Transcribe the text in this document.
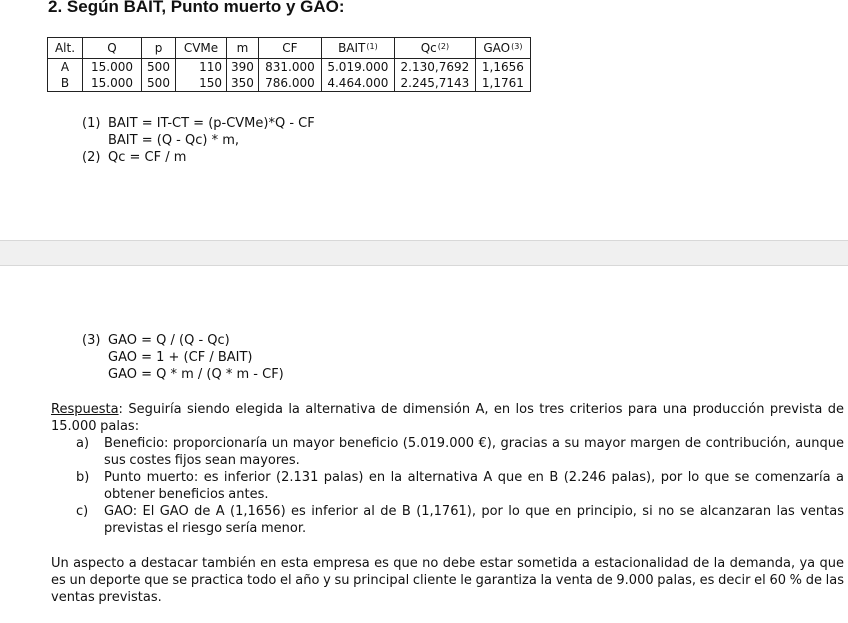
2. Según BAIT, Punto muerto y GAO:
Alt.	Q	p	CVMe	m	CF	BAIT$^{(1)}$	Qc$^{(2)}$	GAO$^{(3)}$
A	15.000	500	110	390	831.000	5.019.000	2.130,7692	1,1656
B	15.000	500	150	350	786.000	4.464.000	2.245,7143	1,1761
(1) BAIT = IT-CT = (p-CVMe)*Q - CF
BAIT = (Q - Qc) * m,
(2) Qc = CF / m
(3) GAO = Q / (Q - Qc)
GAO = 1 + (CF / BAIT)
GAO = Q * m / (Q * m - CF)
Respuesta: Seguiría siendo elegida la alternativa de dimensión A, en los tres criterios para una producción prevista de 15.000 palas:
a) Beneficio: proporcionaría un mayor beneficio (5.019.000 €), gracias a su mayor margen de contribución, aunque sus costes fijos sean mayores.
b) Punto muerto: es inferior (2.131 palas) en la alternativa A que en B (2.246 palas), por lo que se comenzaría a obtener beneficios antes.
c) GAO: El GAO de A (1,1656) es inferior al de B (1,1761), por lo que en principio, si no se alcanzaran las ventas previstas el riesgo sería menor.
Un aspecto a destacar también en esta empresa es que no debe estar sometida a estacionalidad de la demanda, ya que es un deporte que se practica todo el año y su principal cliente le garantiza la venta de 9.000 palas, es decir el 60 % de las ventas previstas.
